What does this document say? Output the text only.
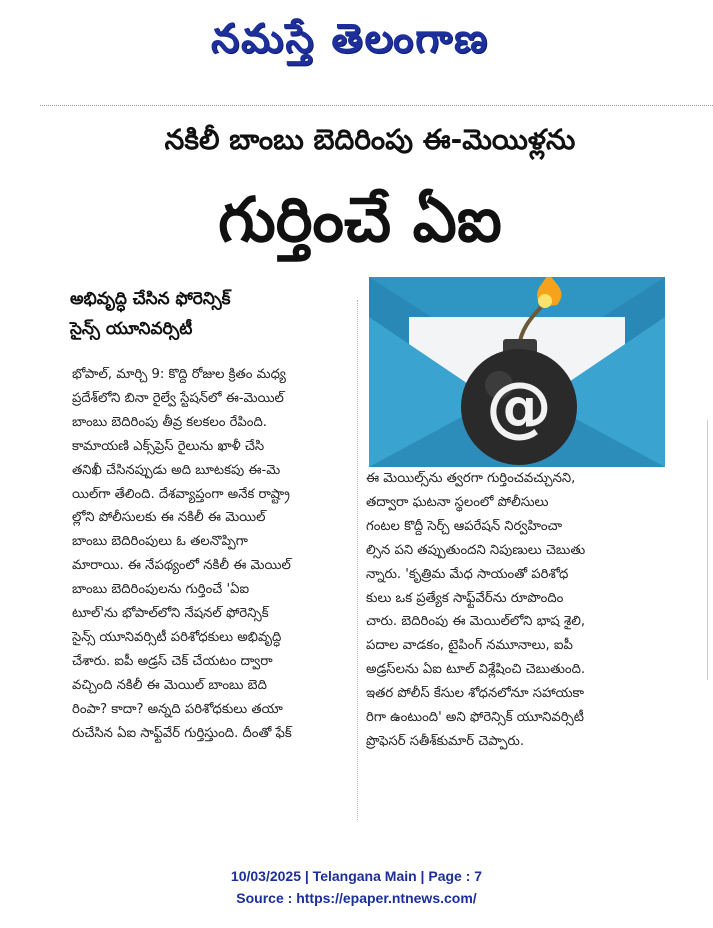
నమస్తే తెలంగాణ
నకిలీ బాంబు బెదిరింపు ఈ-మెయిళ్లను
గుర్తించే ఏఐ
అభివృద్ధి చేసిన ఫోరెన్సిక్
సైన్స్ యూనివర్సిటీ
@
భోపాల్, మార్చి 9: కొద్ది రోజుల క్రితం మధ్య
ప్రదేశ్‌లోని బినా రైల్వే స్టేషన్‌లో ఈ-మెయిల్
బాంబు బెదిరింపు తీవ్ర కలకలం రేపింది.
కామాయణి ఎక్స్‌ప్రెస్ రైలును ఖాళీ చేసి
తనిఖీ చేసినప్పుడు అది బూటకపు ఈ-మె
యిల్‌గా తేలింది. దేశవ్యాప్తంగా అనేక రాష్ట్రా
ల్లోని పోలీసులకు ఈ నకిలీ ఈ మెయిల్
బాంబు బెదిరింపులు ఓ తలనొప్పిగా
మారాయి. ఈ నేపథ్యంలో నకిలీ ఈ మెయిల్
బాంబు బెదిరింపులను గుర్తించే 'ఏఐ
టూల్'ను భోపాల్‌లోని నేషనల్ ఫోరెన్సిక్
సైన్స్ యూనివర్సిటీ పరిశోధకులు అభివృద్ధి
చేశారు. ఐపీ అడ్రస్ చెక్ చేయటం ద్వారా
వచ్చింది నకిలీ ఈ మెయిల్ బాంబు బెది
రింపా? కాదా? అన్నది పరిశోధకులు తయా
రుచేసిన ఏఐ సాఫ్ట్‌వేర్ గుర్తిస్తుంది. దీంతో ఫేక్
ఈ మెయిల్స్‌ను త్వరగా గుర్తించవచ్చునని,
తద్వారా ఘటనా స్థలంలో పోలీసులు
గంటల కొద్దీ సెర్చ్ ఆపరేషన్ నిర్వహించా
ల్సిన పని తప్పుతుందని నిపుణులు చెబుతు
న్నారు. 'కృత్రిమ మేధ సాయంతో పరిశోధ
కులు ఒక ప్రత్యేక సాఫ్ట్‌వేర్‌ను రూపొందిం
చారు. బెదిరింపు ఈ మెయిల్‌లోని భాష శైలి,
పదాల వాడకం, టైపింగ్ నమూనాలు, ఐపీ
అడ్రస్‌లను ఏఐ టూల్ విశ్లేషించి చెబుతుంది.
ఇతర పోలీస్ కేసుల శోధనలోనూ సహాయకా
రిగా ఉంటుంది' అని ఫోరెన్సిక్ యూనివర్సిటీ
ప్రొఫెసర్ సతీశ్‌కుమార్ చెప్పారు.
10/03/2025 | Telangana Main | Page : 7
Source : https://epaper.ntnews.com/
